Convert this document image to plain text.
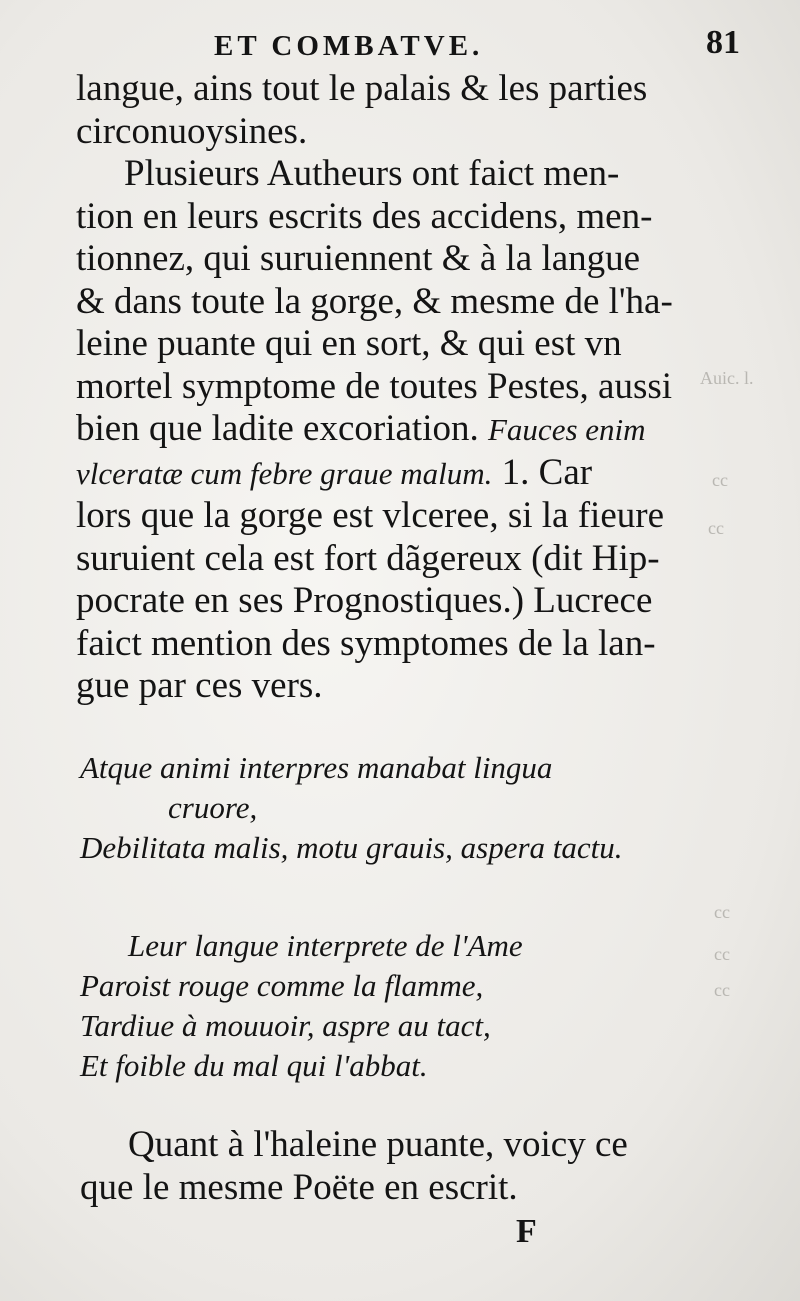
Auic. l.
cc
cc
cc
cc
cc
ET COMBATVE.	81
langue, ains tout le palais & les parties
circonuoysines.
Plusieurs Autheurs ont faict men-
tion en leurs escrits des accidens, men-
tionnez, qui suruiennent & à la langue
& dans toute la gorge, & mesme de l'ha-
leine puante qui en sort, & qui est vn
mortel symptome de toutes Pestes, aussi
bien que ladite excoriation. Fauces enim
vlceratæ cum febre graue malum. 1. Car
lors que la gorge est vlceree, si la fieure
suruient cela est fort dãgereux (dit Hip-
pocrate en ses Prognostiques.) Lucrece
faict mention des symptomes de la lan-
gue par ces vers.
Atque animi interpres manabat lingua
cruore,
Debilitata malis, motu grauis, aspera tactu.
Leur langue interprete de l'Ame
Paroist rouge comme la flamme,
Tardiue à mouuoir, aspre au tact,
Et foible du mal qui l'abbat.
Quant à l'haleine puante, voicy ce
que le mesme Poëte en escrit.
F
